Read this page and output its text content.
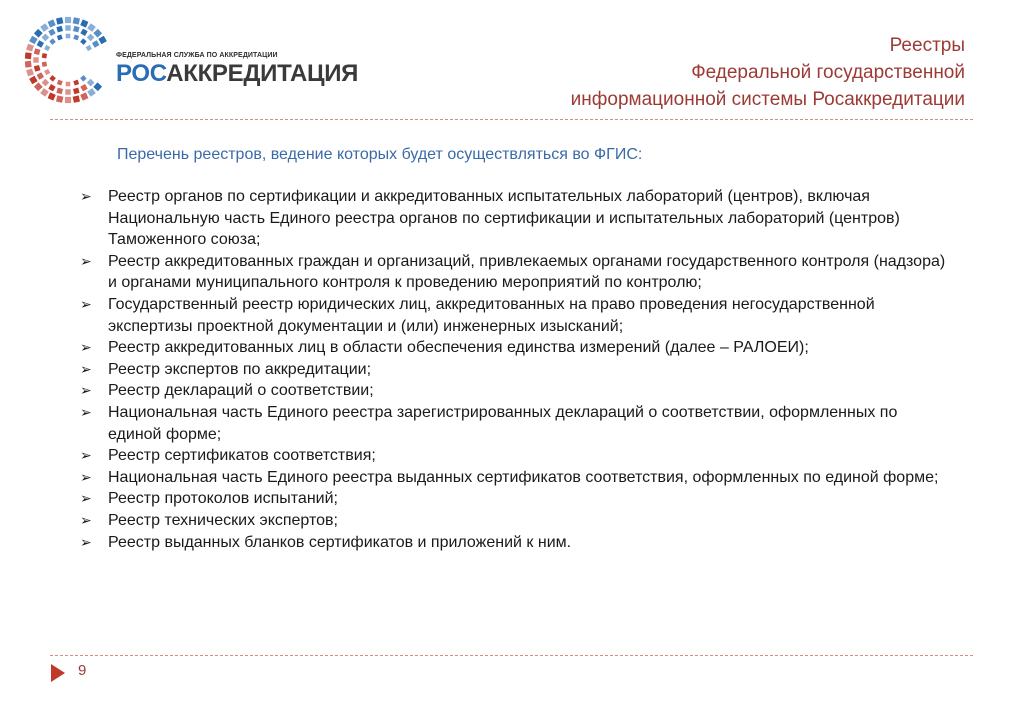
ФЕДЕРАЛЬНАЯ СЛУЖБА ПО АККРЕДИТАЦИИ
РОСАККРЕДИТАЦИЯ
Реестры
Федеральной государственной
информационной системы Росаккредитации
Перечень реестров, ведение которых будет осуществляться во ФГИС:
➢ Реестр органов по сертификации и аккредитованных испытательных лабораторий (центров), включая Национальную часть Единого реестра органов по сертификации и испытательных лабораторий (центров) Таможенного союза;
➢ Реестр аккредитованных граждан и организаций, привлекаемых органами государственного контроля (надзора) и органами муниципального контроля к проведению мероприятий по контролю;
➢ Государственный реестр юридических лиц, аккредитованных на право проведения негосударственной экспертизы проектной документации и (или) инженерных изысканий;
➢ Реестр аккредитованных лиц в области обеспечения единства измерений (далее – РАЛОЕИ);
➢ Реестр экспертов по аккредитации;
➢ Реестр деклараций о соответствии;
➢ Национальная часть Единого реестра зарегистрированных деклараций о соответствии, оформленных по единой форме;
➢ Реестр сертификатов соответствия;
➢ Национальная часть Единого реестра выданных сертификатов соответствия, оформленных по единой форме;
➢ Реестр протоколов испытаний;
➢ Реестр технических экспертов;
➢ Реестр выданных бланков сертификатов и приложений к ним.
9
